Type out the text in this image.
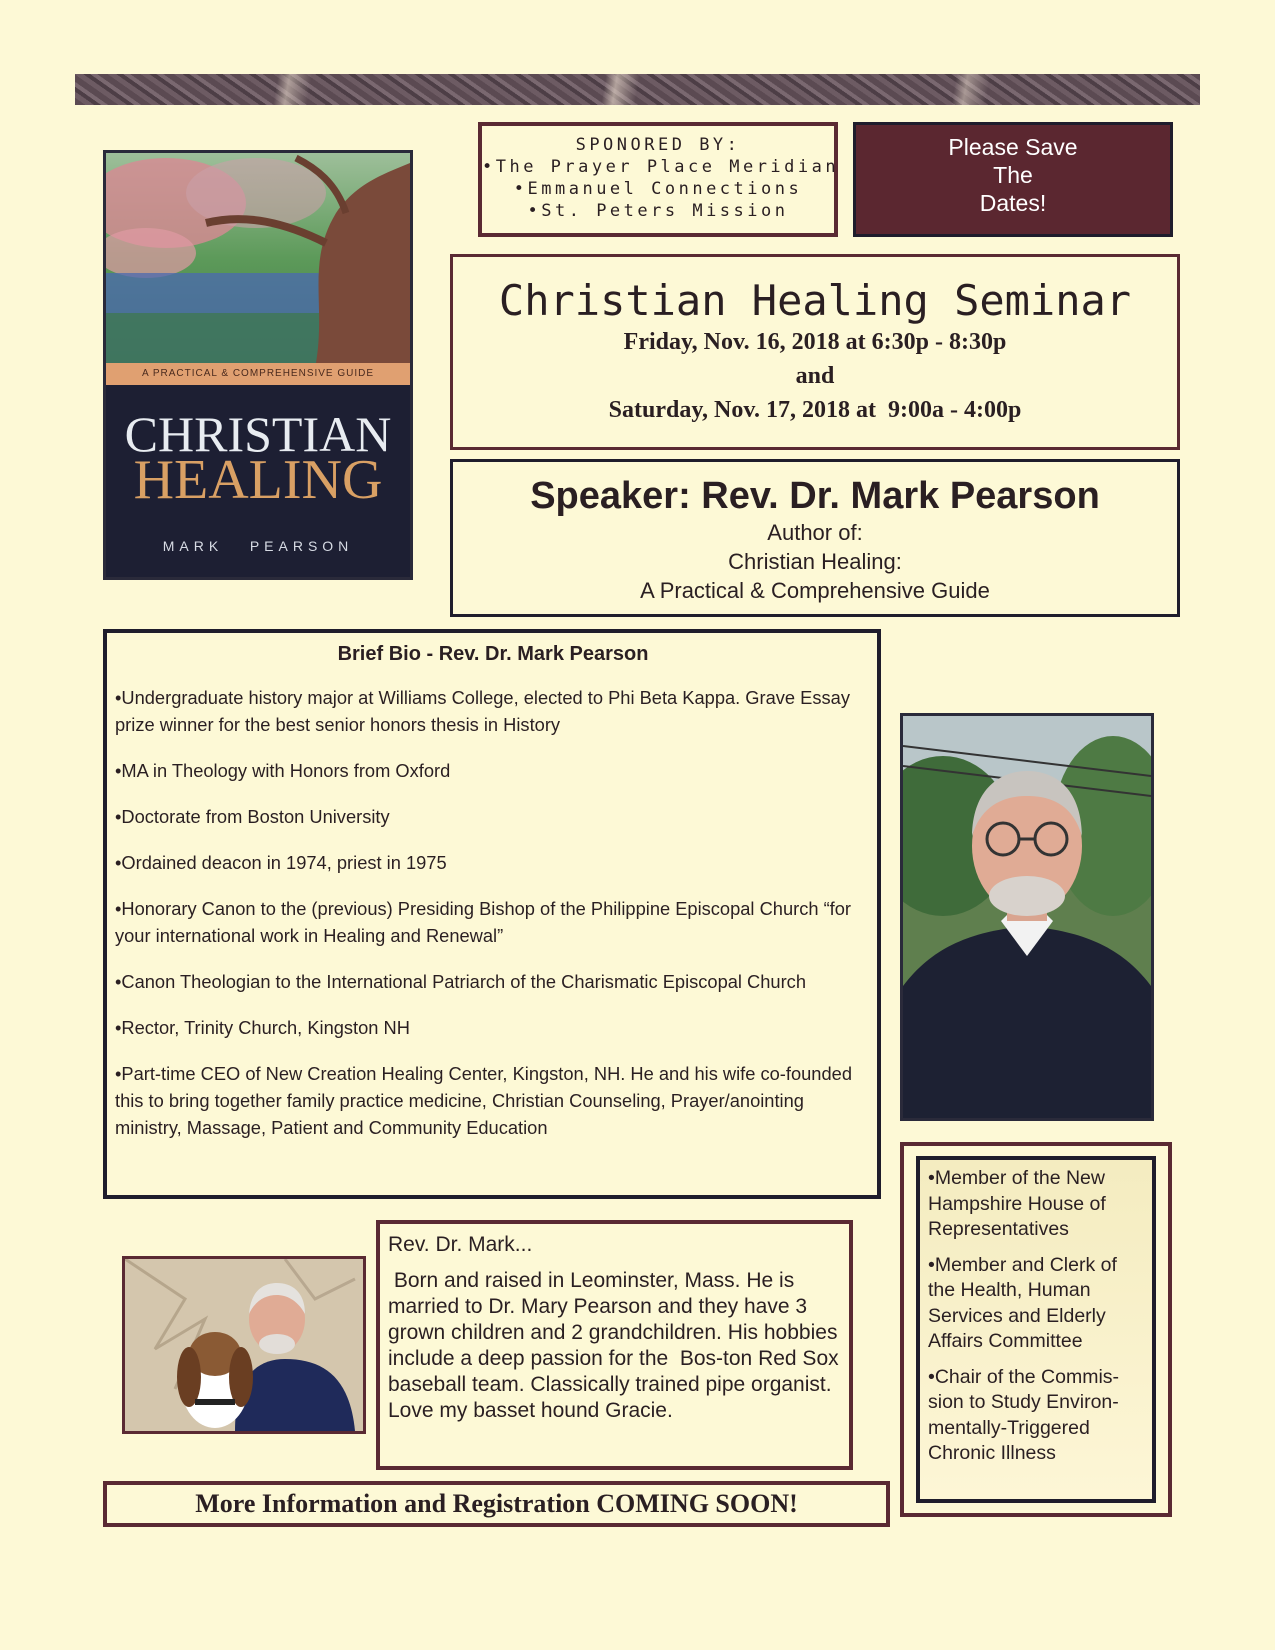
SPONORED BY:
•The Prayer Place Meridian
•Emmanuel Connections
•St. Peters Mission
Please Save
The
Dates!
A PRACTICAL & COMPREHENSIVE GUIDE
CHRISTIAN
HEALING
MARK   PEARSON
Christian Healing Seminar
Friday, Nov. 16, 2018 at 6:30p - 8:30p
and
Saturday, Nov. 17, 2018 at  9:00a - 4:00p
Speaker: Rev. Dr. Mark Pearson
Author of:
Christian Healing:
A Practical & Comprehensive Guide
Brief Bio - Rev. Dr. Mark Pearson
•Undergraduate history major at Williams College, elected to Phi Beta Kappa. Grave Essay prize winner for the best senior honors thesis in History
•MA in Theology with Honors from Oxford
•Doctorate from Boston University
•Ordained deacon in 1974, priest in 1975
•Honorary Canon to the (previous) Presiding Bishop of the Philippine Episcopal Church “for your international work in Healing and Renewal”
•Canon Theologian to the International Patriarch of the Charismatic Episcopal Church
•Rector, Trinity Church, Kingston NH
•Part-time CEO of New Creation Healing Center, Kingston, NH. He and his wife co-founded this to bring together family practice medicine, Christian Counseling, Prayer/anointing ministry, Massage, Patient and Community Education
•Member of the New Hampshire House of Representatives
•Member and Clerk of the Health, Human Services and Elderly Affairs Committee
•Chair of the Commis-sion to Study Environ-mentally-Triggered Chronic Illness
Rev. Dr. Mark...
Born and raised in Leominster, Mass. He is married to Dr. Mary Pearson and they have 3 grown children and 2 grandchildren. His hobbies include a deep passion for the  Bos-ton Red Sox baseball team. Classically trained pipe organist. Love my basset hound Gracie.
More Information and Registration COMING SOON!
